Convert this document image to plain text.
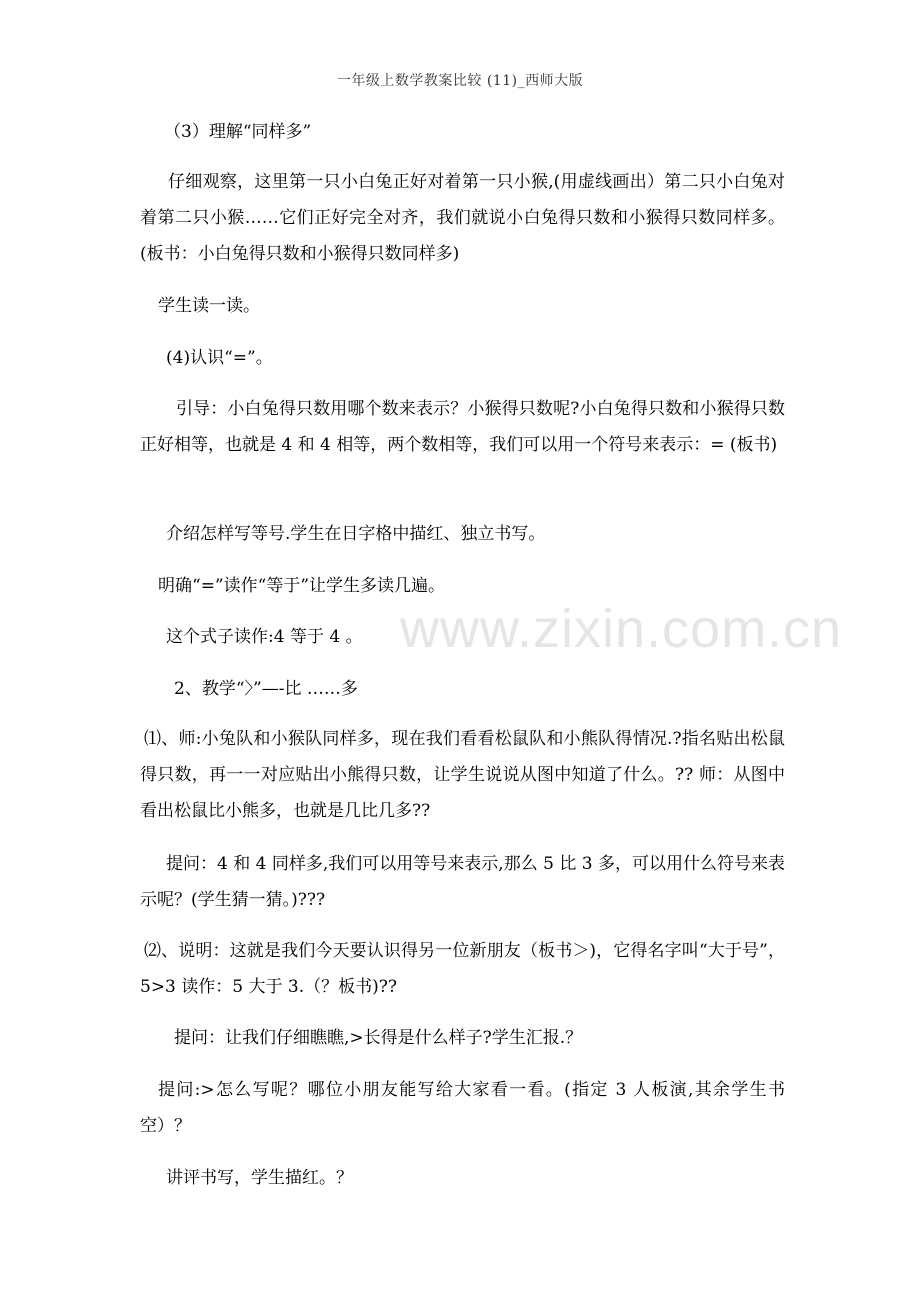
一年级上数学教案比较 (11)_西师大版

（3）理解“同样多”

仔细观察，这里第一只小白兔正好对着第一只小猴,(用虚线画出）第二只小白兔对着第二只小猴……它们正好完全对齐，我们就说小白兔得只数和小猴得只数同样多。(板书：小白兔得只数和小猴得只数同样多)

学生读一读。

(4)认识“=”。

引导：小白兔得只数用哪个数来表示？小猴得只数呢?小白兔得只数和小猴得只数正好相等，也就是 4 和 4 相等，两个数相等，我们可以用一个符号来表示：= (板书)

介绍怎样写等号.学生在日字格中描红、独立书写。

明确“=”读作“等于”让学生多读几遍。

这个式子读作:4 等于 4 。

2、教学“〉”—-比 ……多

⑴、师:小兔队和小猴队同样多，现在我们看看松鼠队和小熊队得情况.?指名贴出松鼠得只数，再一一对应贴出小熊得只数，让学生说说从图中知道了什么。?? 师：从图中看出松鼠比小熊多，也就是几比几多??

提问：4 和 4 同样多,我们可以用等号来表示,那么 5 比 3 多，可以用什么符号来表示呢？(学生猜一猜。)???

⑵、说明：这就是我们今天要认识得另一位新朋友（板书＞)，它得名字叫“大于号”，5>3 读作：5 大于 3.（？板书)??

提问：让我们仔细瞧瞧,>长得是什么样子?学生汇报.？

提问:>怎么写呢？哪位小朋友能写给大家看一看。(指定 3 人板演,其余学生书空）？

讲评书写，学生描红。？

www.zixin.com.cn
